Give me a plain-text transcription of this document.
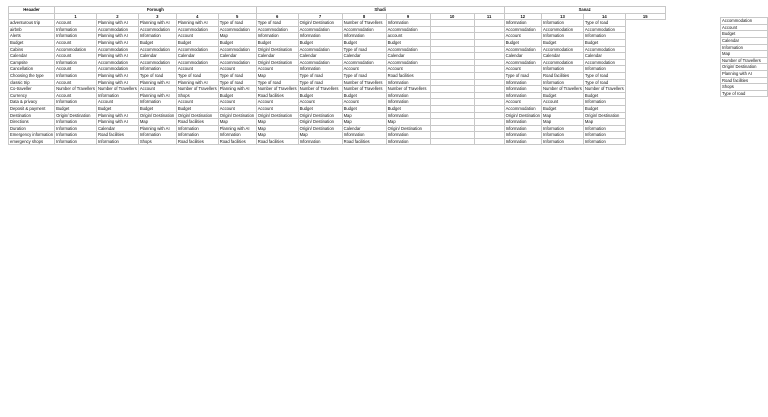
Heaader	Forough					Shadi						Sanaz			
	1	2	3	4	5	6	7	8	9	10	11	12	13	14	15
adventurous trip	Account	Planning with AI	Planning with AI	Planning with AI	Type of road	Type of road	Origin/ Destination	Number of Travellers	Information			Information	Information	Type of road	
airbnb	Information	Accommodation	Accommodation	Accommodation	Accommodation	Accommodation	Accommodation	Accommodation	Accommodation			Accommodation	Accommodation	Accommodation	
Alerts	Information	Planning with AI	Information	Account	Map	Information	Information	Information	account			Account	Information	Information	
Budget	Account	Planning with AI	Budget	Budget	Budget	Budget	Budget	Budget	Budget			Budget	Budget	Budget	
Cabins	Accommodation	Accommodation	Accommodation	Accommodation	Accommodation	Origin/ Destination	Accommodation	Type of road	Accommodation			Accommodation	Accommodation	Accommodation	
Calendar	Account	Planning with AI	Calendar	Calendar	Calendar	Calendar	Calendar	Calendar	Calendar			Calendar	Calendar	Calendar	
Campsite	Information	Accommodation	Accommodation	Accommodation	Accommodation	Origin/ Destination	Accommodation	Accommodation	Accommodation			Accommodation	Accommodation	Accommodation	
Cancellation	Account	Accommodation	Information	Account	Account	Account	Information	Account	Account			Account	Information	Information	
Choosing the type	Information	Planning with AI	Type of road	Type of road	Type of road	Map	Type of road	Type of road	Road facilities			Type of road	Road facilities	Type of road	
classic trip	Account	Planning with AI	Planning with AI	Planning with AI	Type of road	Type of road	Type of road	Number of Travellers	Information			Information	Information	Type of road	
Co-traveller	Number of Travellers	Number of Travellers	Account	Number of Travellers	Planning with AI	Number of Travellers	Number of Travellers	Number of Travellers	Number of Travellers			Information	Number of Travellers	Number of Travellers	
Currency	Account	Information	Planning with AI	Shops	Budget	Road facilities	Budget	Budget	Information			Information	Budget	Budget	
Data & privacy	Information	Account	Information	Account	Account	Account	Account	Account	Information			Account	Account	Information	
Deposit & payment	Budget	Budget	Budget	Budget	Account	Account	Budget	Budget	Budget			Accommodation	Budget	Budget	
Destination	Origin/ Destination	Planning with AI	Origin/ Destination	Origin/ Destination	Origin/ Destination	Origin/ Destination	Origin/ Destination	Map	Information			Origin/ Destination	Map	Origin/ Destination	
Directions	Information	Planning with AI	Map	Road facilities	Map	Map	Origin/ Destination	Map	Map			Information	Map	Map	
Duration	Information	Calendar	Planning with AI	Information	Planning with AI	Map	Origin/ Destination	Calendar	Origin/ Destination			Information	Information	Information	
Emergency information	Information	Road facilities	Information	Information	Information	Map	Map	Information	Information			Information	Information	Information	
emergency shops	Information	Information	Shops	Road facilities	Road facilities	Road facilities	Information	Road facilities	Information			Information	Information	Information	

Accommodation
Account
Budget
Calendar
Information
Map
Number of Travellers
Origin/ Destination
Planning with AI
Road facilities
Shops
Type of road
